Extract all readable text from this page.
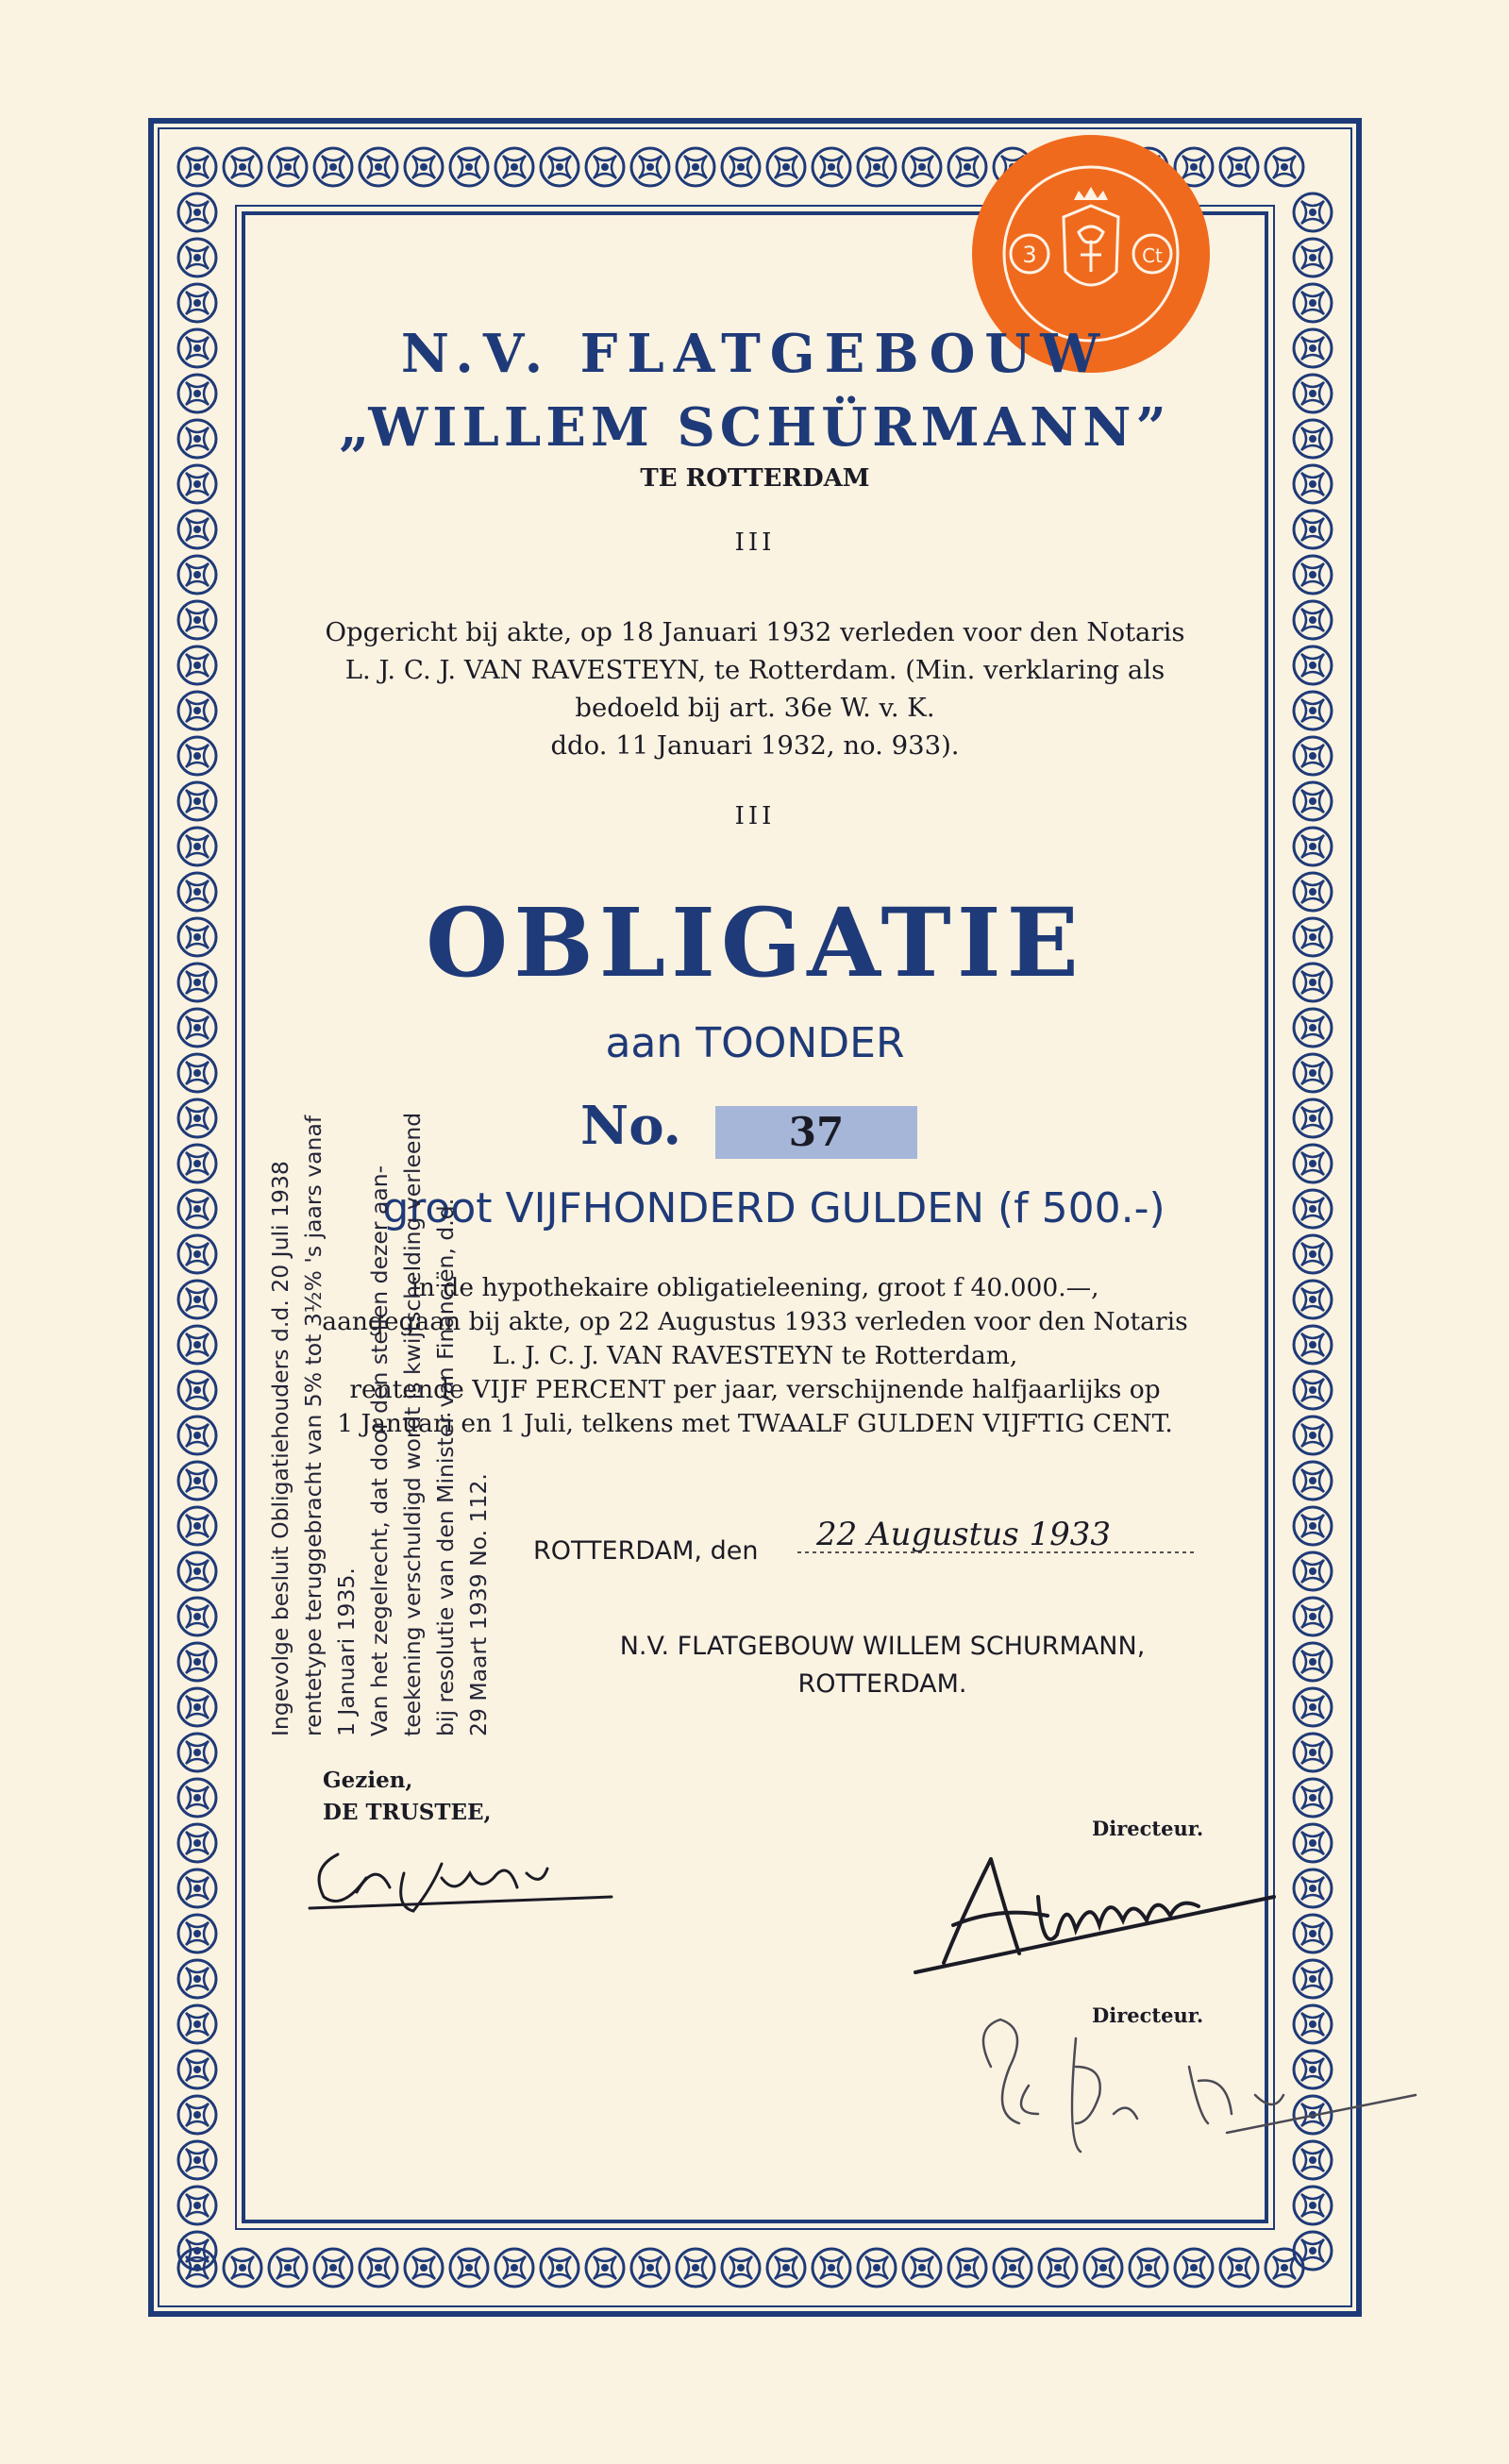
3	Ct
N.V. FLATGEBOUW
„WILLEM SCHÜRMANN”
TE ROTTERDAM
III
Opgericht bij akte, op 18 Januari 1932 verleden voor den Notaris
L. J. C. J. VAN RAVESTEYN, te Rotterdam. (Min. verklaring als
bedoeld bij art. 36e W. v. K.
ddo. 11 Januari 1932, no. 933).
III
OBLIGATIE
aan TOONDER
No.	37
groot VIJFHONDERD GULDEN (f 500.-)
in de hypothekaire obligatieleening, groot f 40.000.—,
aangegaan bij akte, op 22 Augustus 1933 verleden voor den Notaris
L. J. C. J. VAN RAVESTEYN te Rotterdam,
rentende VIJF PERCENT per jaar, verschijnende halfjaarlijks op
1 Januari en 1 Juli, telkens met TWAALF GULDEN VIJFTIG CENT.
ROTTERDAM, den 22 Augustus 1933
N.V. FLATGEBOUW WILLEM SCHURMANN,
ROTTERDAM.
Gezien,
DE TRUSTEE,
Directeur.
Directeur.
Ingevolge besluit Obligatiehouders d.d. 20 Juli 1938 rentetype teruggebracht van 5% tot 3½% 's jaars vanaf 1 Januari 1935. Van het zegelrecht, dat door den stellen dezer aan- teekening verschuldigd wordt is kwijtschelding verleend bij resolutie van den Minister van Financiën, d.d. 29 Maart 1939 No. 112.
